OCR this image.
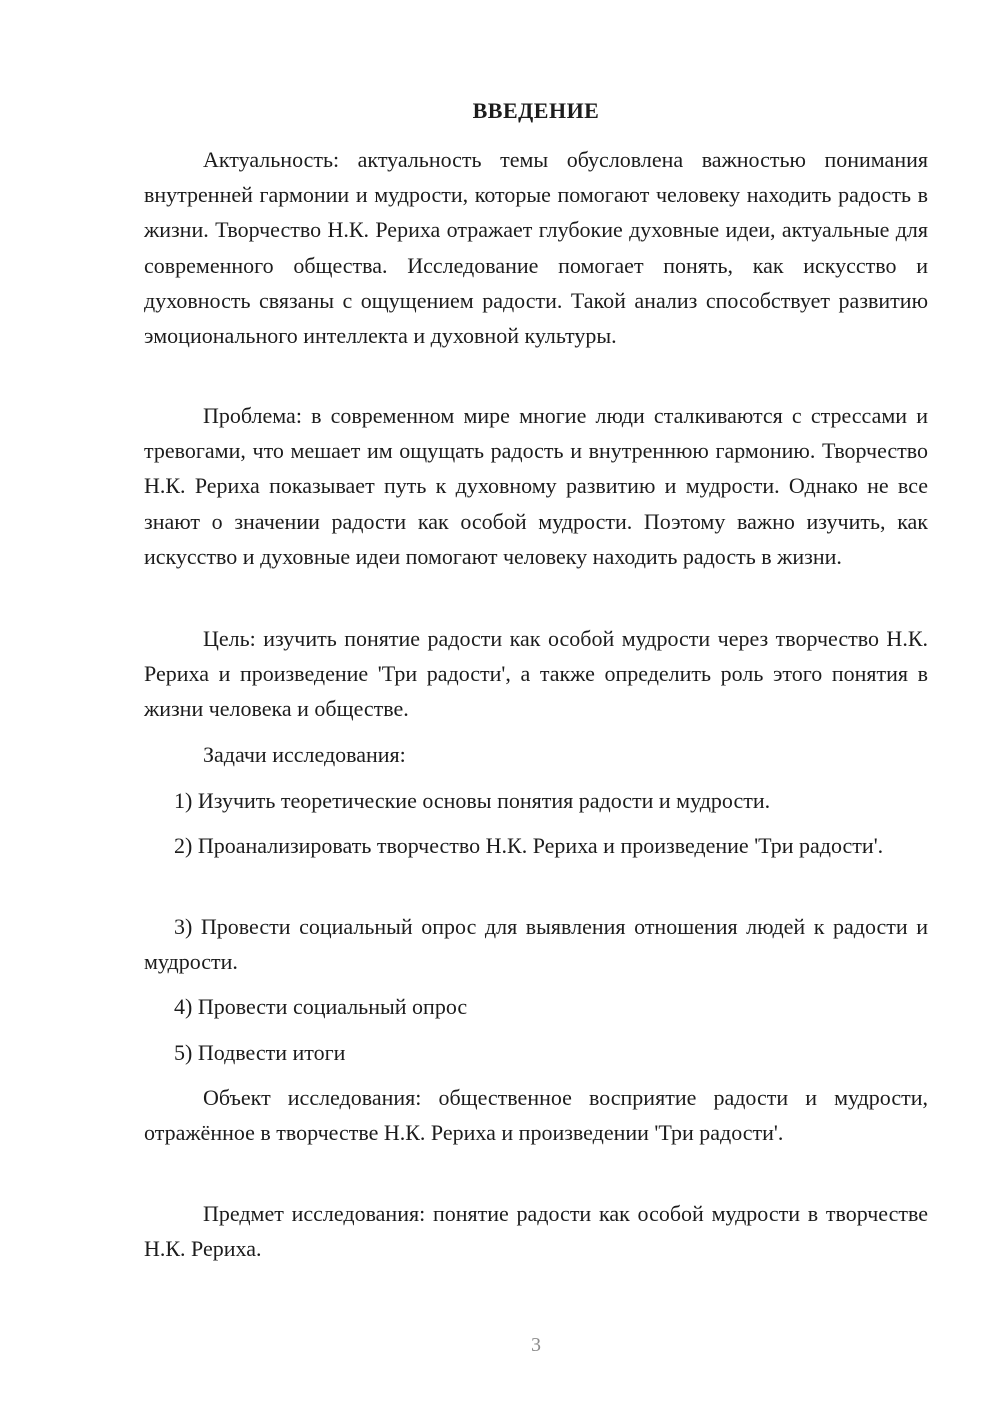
ВВЕДЕНИЕ

Актуальность: актуальность темы обусловлена важностью понимания внутренней гармонии и мудрости, которые помогают человеку находить радость в жизни. Творчество Н.К. Рериха отражает глубокие духовные идеи, актуальные для современного общества. Исследование помогает понять, как искусство и духовность связаны с ощущением радости. Такой анализ способствует развитию эмоционального интеллекта и духовной культуры.

Проблема: в современном мире многие люди сталкиваются с стрессами и тревогами, что мешает им ощущать радость и внутреннюю гармонию. Творчество Н.К. Рериха показывает путь к духовному развитию и мудрости. Однако не все знают о значении радости как особой мудрости. Поэтому важно изучить, как искусство и духовные идеи помогают человеку находить радость в жизни.

Цель: изучить понятие радости как особой мудрости через творчество Н.К. Рериха и произведение 'Три радости', а также определить роль этого понятия в жизни человека и обществе.

Задачи исследования:

1) Изучить теоретические основы понятия радости и мудрости.

2) Проанализировать творчество Н.К. Рериха и произведение 'Три радости'.

3) Провести социальный опрос для выявления отношения людей к радости и мудрости.

4) Провести социальный опрос

5) Подвести итоги

Объект исследования: общественное восприятие радости и мудрости, отражённое в творчестве Н.К. Рериха и произведении 'Три радости'.

Предмет исследования: понятие радости как особой мудрости в творчестве Н.К. Рериха.

3
